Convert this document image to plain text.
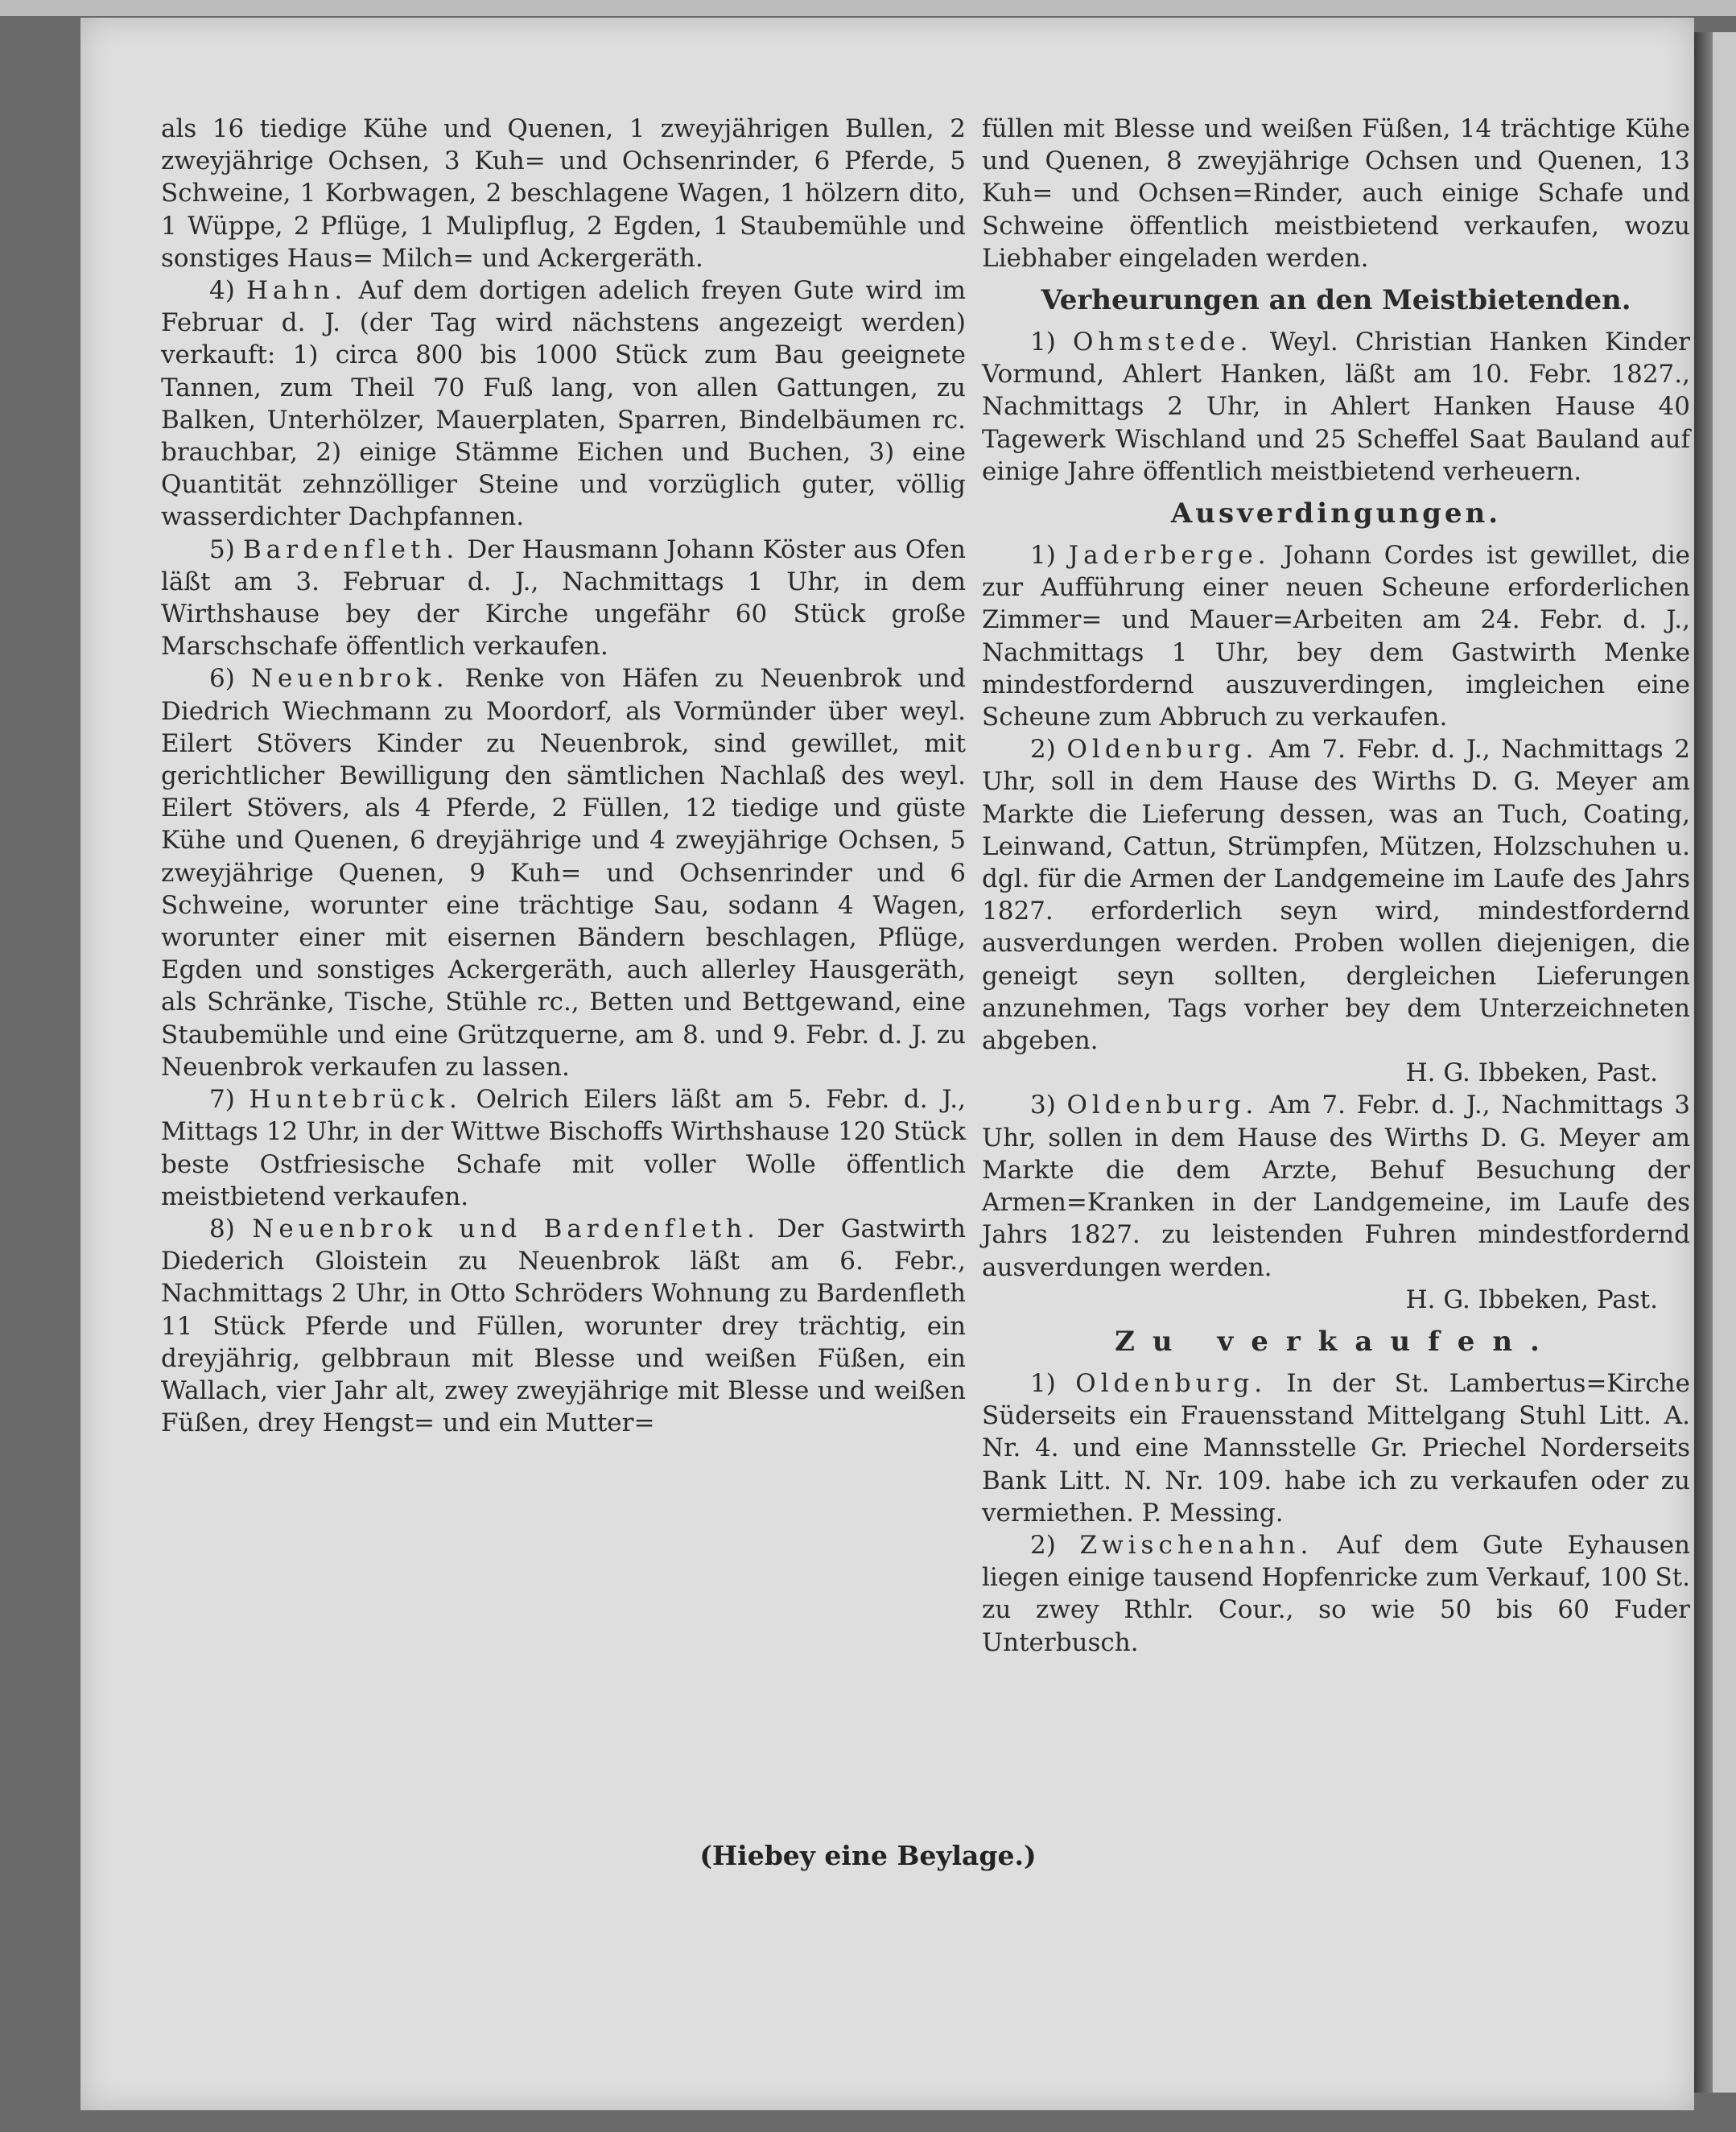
als 16 tiedige Kühe und Quenen, 1 zweyjährigen Bullen, 2 zweyjährige Ochsen, 3 Kuh= und Ochsenrinder, 6 Pferde, 5 Schweine, 1 Korbwagen, 2 beschlagene Wagen, 1 hölzern dito, 1 Wüppe, 2 Pflüge, 1 Mulipflug, 2 Egden, 1 Staubemühle und sonstiges Haus= Milch= und Ackergeräth.

4) Hahn. Auf dem dortigen adelich freyen Gute wird im Februar d. J. (der Tag wird nächstens angezeigt werden) verkauft: 1) circa 800 bis 1000 Stück zum Bau geeignete Tannen, zum Theil 70 Fuß lang, von allen Gattungen, zu Balken, Unterhölzer, Mauerplaten, Sparren, Bindelbäumen rc. brauchbar, 2) einige Stämme Eichen und Buchen, 3) eine Quantität zehnzölliger Steine und vorzüglich guter, völlig wasserdichter Dachpfannen.

5) Bardenfleth. Der Hausmann Johann Köster aus Ofen läßt am 3. Februar d. J., Nachmittags 1 Uhr, in dem Wirthshause bey der Kirche ungefähr 60 Stück große Marschschafe öffentlich verkaufen.

6) Neuenbrok. Renke von Häfen zu Neuenbrok und Diedrich Wiechmann zu Moordorf, als Vormünder über weyl. Eilert Stövers Kinder zu Neuenbrok, sind gewillet, mit gerichtlicher Bewilligung den sämtlichen Nachlaß des weyl. Eilert Stövers, als 4 Pferde, 2 Füllen, 12 tiedige und güste Kühe und Quenen, 6 dreyjährige und 4 zweyjährige Ochsen, 5 zweyjährige Quenen, 9 Kuh= und Ochsenrinder und 6 Schweine, worunter eine trächtige Sau, sodann 4 Wagen, worunter einer mit eisernen Bändern beschlagen, Pflüge, Egden und sonstiges Ackergeräth, auch allerley Hausgeräth, als Schränke, Tische, Stühle rc., Betten und Bettgewand, eine Staubemühle und eine Grützquerne, am 8. und 9. Febr. d. J. zu Neuenbrok verkaufen zu lassen.

7) Huntebrück. Oelrich Eilers läßt am 5. Febr. d. J., Mittags 12 Uhr, in der Wittwe Bischoffs Wirthshause 120 Stück beste Ostfriesische Schafe mit voller Wolle öffentlich meistbietend verkaufen.

8) Neuenbrok und Bardenfleth. Der Gastwirth Diederich Gloistein zu Neuenbrok läßt am 6. Febr., Nachmittags 2 Uhr, in Otto Schröders Wohnung zu Bardenfleth 11 Stück Pferde und Füllen, worunter drey trächtig, ein dreyjährig, gelbbraun mit Blesse und weißen Füßen, ein Wallach, vier Jahr alt, zwey zweyjährige mit Blesse und weißen Füßen, drey Hengst= und ein Mutter=

füllen mit Blesse und weißen Füßen, 14 trächtige Kühe und Quenen, 8 zweyjährige Ochsen und Quenen, 13 Kuh= und Ochsen=Rinder, auch einige Schafe und Schweine öffentlich meistbietend verkaufen, wozu Liebhaber eingeladen werden.

Verheurungen an den Meistbietenden.

1) Ohmstede. Weyl. Christian Hanken Kinder Vormund, Ahlert Hanken, läßt am 10. Febr. 1827., Nachmittags 2 Uhr, in Ahlert Hanken Hause 40 Tagewerk Wischland und 25 Scheffel Saat Bauland auf einige Jahre öffentlich meistbietend verheuern.

Ausverdingungen.

1) Jaderberge. Johann Cordes ist gewillet, die zur Aufführung einer neuen Scheune erforderlichen Zimmer= und Mauer=Arbeiten am 24. Febr. d. J., Nachmittags 1 Uhr, bey dem Gastwirth Menke mindestfordernd auszuverdingen, imgleichen eine Scheune zum Abbruch zu verkaufen.

2) Oldenburg. Am 7. Febr. d. J., Nachmittags 2 Uhr, soll in dem Hause des Wirths D. G. Meyer am Markte die Lieferung dessen, was an Tuch, Coating, Leinwand, Cattun, Strümpfen, Mützen, Holzschuhen u. dgl. für die Armen der Landgemeine im Laufe des Jahrs 1827. erforderlich seyn wird, mindestfordernd ausverdungen werden. Proben wollen diejenigen, die geneigt seyn sollten, dergleichen Lieferungen anzunehmen, Tags vorher bey dem Unterzeichneten abgeben.

H. G. Ibbeken, Past.

3) Oldenburg. Am 7. Febr. d. J., Nachmittags 3 Uhr, sollen in dem Hause des Wirths D. G. Meyer am Markte die dem Arzte, Behuf Besuchung der Armen=Kranken in der Landgemeine, im Laufe des Jahrs 1827. zu leistenden Fuhren mindestfordernd ausverdungen werden.

H. G. Ibbeken, Past.

Zu verkaufen.

1) Oldenburg. In der St. Lambertus=Kirche Süderseits ein Frauensstand Mittelgang Stuhl Litt. A. Nr. 4. und eine Mannsstelle Gr. Priechel Norderseits Bank Litt. N. Nr. 109. habe ich zu verkaufen oder zu vermiethen. P. Messing.

2) Zwischenahn. Auf dem Gute Eyhausen liegen einige tausend Hopfenricke zum Verkauf, 100 St. zu zwey Rthlr. Cour., so wie 50 bis 60 Fuder Unterbusch.

(Hiebey eine Beylage.)
